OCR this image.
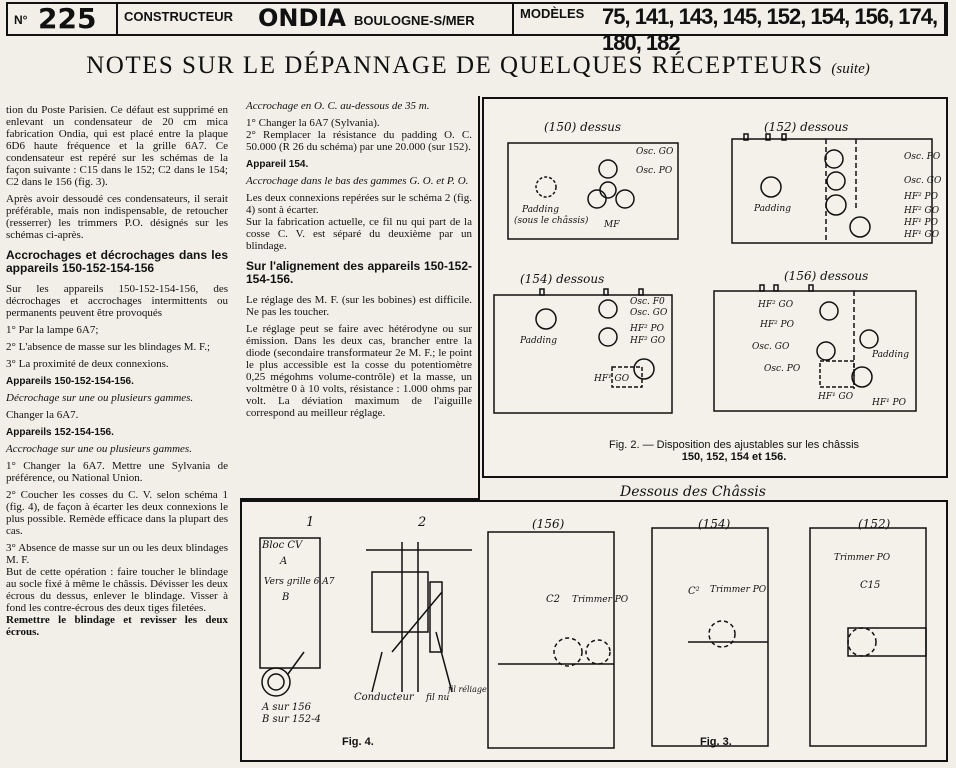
N° 225 CONSTRUCTEUR ONDIA BOULOGNE-S/MER	MODÈLES 75, 141, 143, 145, 152, 154, 156, 174, 180, 182
NOTES SUR LE DÉPANNAGE DE QUELQUES RÉCEPTEURS (suite)

tion du Poste Parisien. Ce défaut est supprimé en enlevant un condensateur de 20 cm mica fabrication Ondia, qui est placé entre la plaque 6D6 haute fréquence et la grille 6A7. Ce condensateur est repéré sur les schémas de la façon suivante : C15 dans le 152; C2 dans le 154; C2 dans le 156 (fig. 3).

Après avoir dessoudé ces condensateurs, il serait préférable, mais non indispensable, de retoucher (resserrer) les trimmers P.O. désignés sur les schémas ci-après.

Accrochages et décrochages dans les appareils 150-152-154-156

Sur les appareils 150-152-154-156, des décrochages et accrochages intermittents ou permanents peuvent être provoqués

1° Par la lampe 6A7;

2° L'absence de masse sur les blindages M. F.;

3° La proximité de deux connexions.

Appareils 150-152-154-156.

Décrochage sur une ou plusieurs gammes.

Changer la 6A7.

Appareils 152-154-156.

Accrochage sur une ou plusieurs gammes.

1° Changer la 6A7. Mettre une Sylvania de préférence, ou National Union.

2° Coucher les cosses du C. V. selon schéma 1 (fig. 4), de façon à écarter les deux connexions le plus possible. Remède efficace dans la plupart des cas.

3° Absence de masse sur un ou les deux blindages M. F.

But de cette opération : faire toucher le blindage au socle fixé à même le châssis. Dévisser les deux écrous du dessus, enlever le blindage. Visser à fond les contre-écrous des deux tiges filetées.

Remettre le blindage et revisser les deux écrous.

Accrochage en O. C. au-dessous de 35 m.

1° Changer la 6A7 (Sylvania).

2° Remplacer la résistance du padding O. C. 50.000 (R 26 du schéma) par une 20.000 (sur 152).

Appareil 154.

Accrochage dans le bas des gammes G. O. et P. O.

Les deux connexions repérées sur le schéma 2 (fig. 4) sont à écarter.

Sur la fabrication actuelle, ce fil nu qui part de la cosse C. V. est séparé du deuxième par un blindage.

Sur l'alignement des appareils 150-152-154-156.

Le réglage des M. F. (sur les bobines) est difficile. Ne pas les toucher.

Le réglage peut se faire avec hétérodyne ou sur émission. Dans les deux cas, brancher entre la diode (secondaire transformateur 2e M. F.; le point le plus accessible est la cosse du potentiomètre 0,25 mégohms volume-contrôle) et la masse, un voltmètre 0 à 10 volts, résistance : 1.000 ohms par volt. La déviation maximum de l'aiguille correspond au meilleur réglage.

(150) dessus	(152) dessous
(154) dessous	(156) dessous
Osc. GO
Osc. PO
Padding
(sous le châssis) MF
Padding
Osc. PO
Osc. GO
HF² PO
HF² GO
HF¹ PO
HF¹ GO
Padding
Osc. F0
Osc. GO
HF² PO
HF² GO
HF¹ GO
HF² GO
HF² PO
Osc. GO
Osc. PO
Padding
HF¹ GO
HF¹ PO
Fig. 2. — Disposition des ajustables sur les châssis
150, 152, 154 et 156.
Dessous des Châssis
1	2
Bloc CV
A
Vers grille 6 A7
B
A sur 156
B sur 152-4
Conducteur fil nu
fil réliage
(156)	(154)	(152)
C2 Trimmer PO
C² Trimmer PO
Trimmer PO
C15
Fig. 4.	Fig. 3.
